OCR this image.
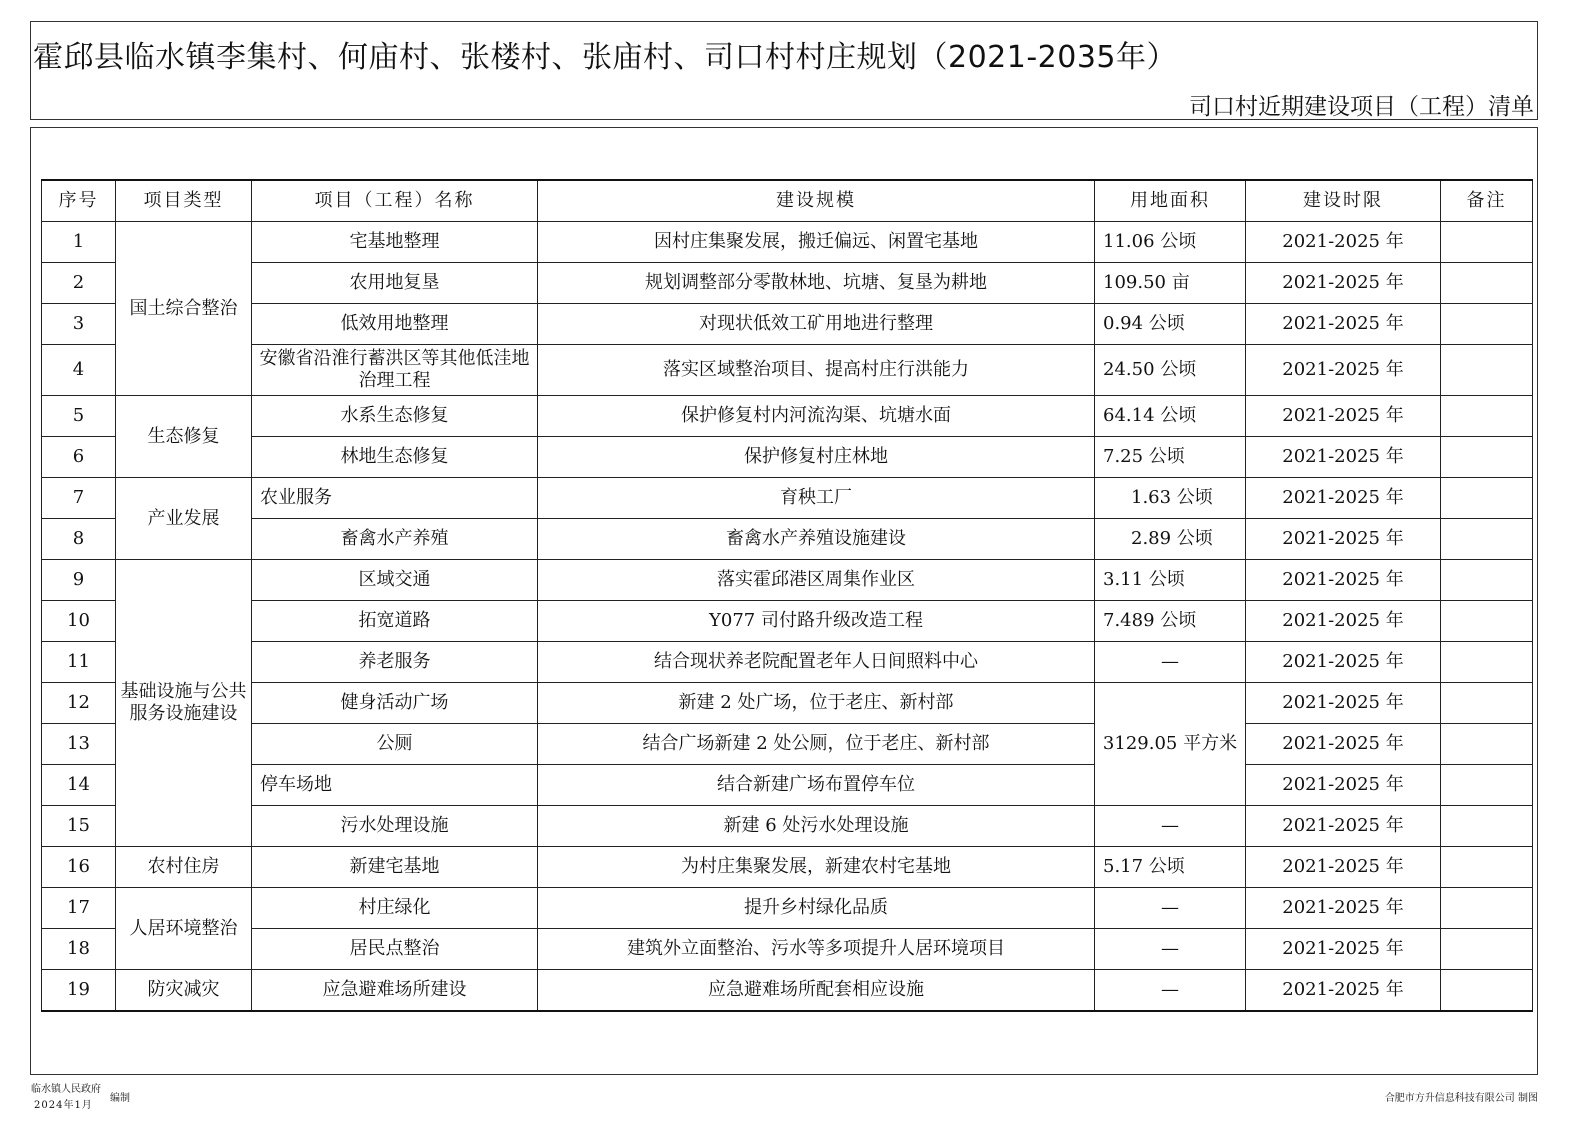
霍邱县临水镇李集村、何庙村、张楼村、张庙村、司口村村庄规划（2021-2035年）
司口村近期建设项目（工程）清单
序号	项目类型	项目（工程）名称	建设规模	用地面积	建设时限	备注
1	国土综合整治	宅基地整理	因村庄集聚发展，搬迁偏远、闲置宅基地	11.06 公顷	2021-2025 年	
2		农用地复垦	规划调整部分零散林地、坑塘、复垦为耕地	109.50 亩	2021-2025 年	
3		低效用地整理	对现状低效工矿用地进行整理	0.94 公顷	2021-2025 年	
4		安徽省沿淮行蓄洪区等其他低洼地治理工程	落实区域整治项目、提高村庄行洪能力	24.50 公顷	2021-2025 年	
5	生态修复	水系生态修复	保护修复村内河流沟渠、坑塘水面	64.14 公顷	2021-2025 年	
6		林地生态修复	保护修复村庄林地	7.25 公顷	2021-2025 年	
7	产业发展	农业服务	育秧工厂	1.63 公顷	2021-2025 年	
8		畜禽水产养殖	畜禽水产养殖设施建设	2.89 公顷	2021-2025 年	
9	基础设施与公共服务设施建设	区域交通	落实霍邱港区周集作业区	3.11 公顷	2021-2025 年	
10		拓宽道路	Y077 司付路升级改造工程	7.489 公顷	2021-2025 年	
11		养老服务	结合现状养老院配置老年人日间照料中心	—	2021-2025 年	
12		健身活动广场	新建 2 处广场，位于老庄、新村部	3129.05 平方米	2021-2025 年	
13		公厕	结合广场新建 2 处公厕，位于老庄、新村部		2021-2025 年	
14		停车场地	结合新建广场布置停车位		2021-2025 年	
15		污水处理设施	新建 6 处污水处理设施	—	2021-2025 年	
16	农村住房	新建宅基地	为村庄集聚发展，新建农村宅基地	5.17 公顷	2021-2025 年	
17	人居环境整治	村庄绿化	提升乡村绿化品质	—	2021-2025 年	
18		居民点整治	建筑外立面整治、污水等多项提升人居环境项目	—	2021-2025 年	
19	防灾减灾	应急避难场所建设	应急避难场所配套相应设施	—	2021-2025 年	
临水镇人民政府
2024年1月
编制	合肥市方升信息科技有限公司 制图
